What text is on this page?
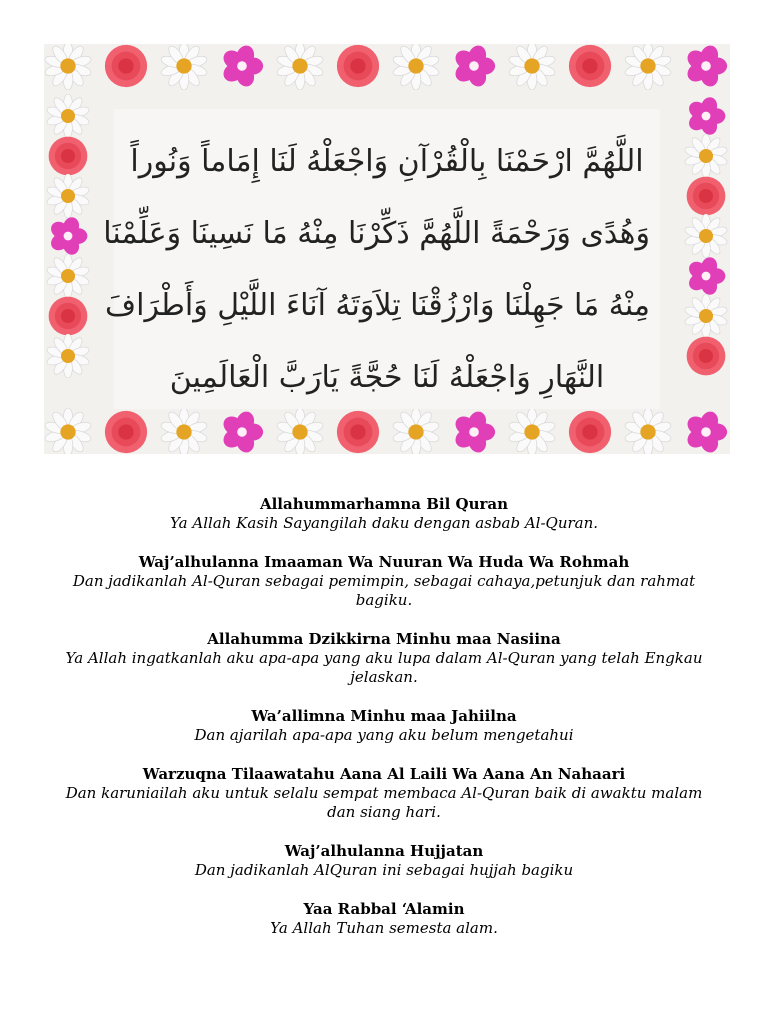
اللَّهُمَّ ارْحَمْنَا بِالْقُرْآنِ وَاجْعَلْهُ لَنَا إِمَاماً وَنُوراً
وَهُدًى وَرَحْمَةً اللَّهُمَّ ذَكِّرْنَا مِنْهُ مَا نَسِينَا وَعَلِّمْنَا
مِنْهُ مَا جَهِلْنَا وَارْزُقْنَا تِلاَوَتَهُ آنَاءَ اللَّيْلِ وَأَطْرَافَ
النَّهَارِ وَاجْعَلْهُ لَنَا حُجَّةً يَارَبَّ الْعَالَمِينَ
Allahummarhamna Bil Quran
Ya Allah Kasih Sayangilah daku dengan asbab Al-Quran.
Waj’alhulanna Imaaman Wa Nuuran Wa Huda Wa Rohmah
Dan jadikanlah Al-Quran sebagai pemimpin, sebagai cahaya,petunjuk dan rahmat bagiku.
Allahumma Dzikkirna Minhu maa Nasiina
Ya Allah ingatkanlah aku apa-apa yang aku lupa dalam Al-Quran yang telah Engkau jelaskan.
Wa’allimna Minhu maa Jahiilna
Dan ajarilah apa-apa yang aku belum mengetahui
Warzuqna Tilaawatahu Aana Al Laili Wa Aana An Nahaari
Dan karuniailah aku untuk selalu sempat membaca Al-Quran baik di awaktu malam dan siang hari.
Waj’alhulanna Hujjatan
Dan jadikanlah AlQuran ini sebagai hujjah bagiku
Yaa Rabbal ‘Alamin
Ya Allah Tuhan semesta alam.
